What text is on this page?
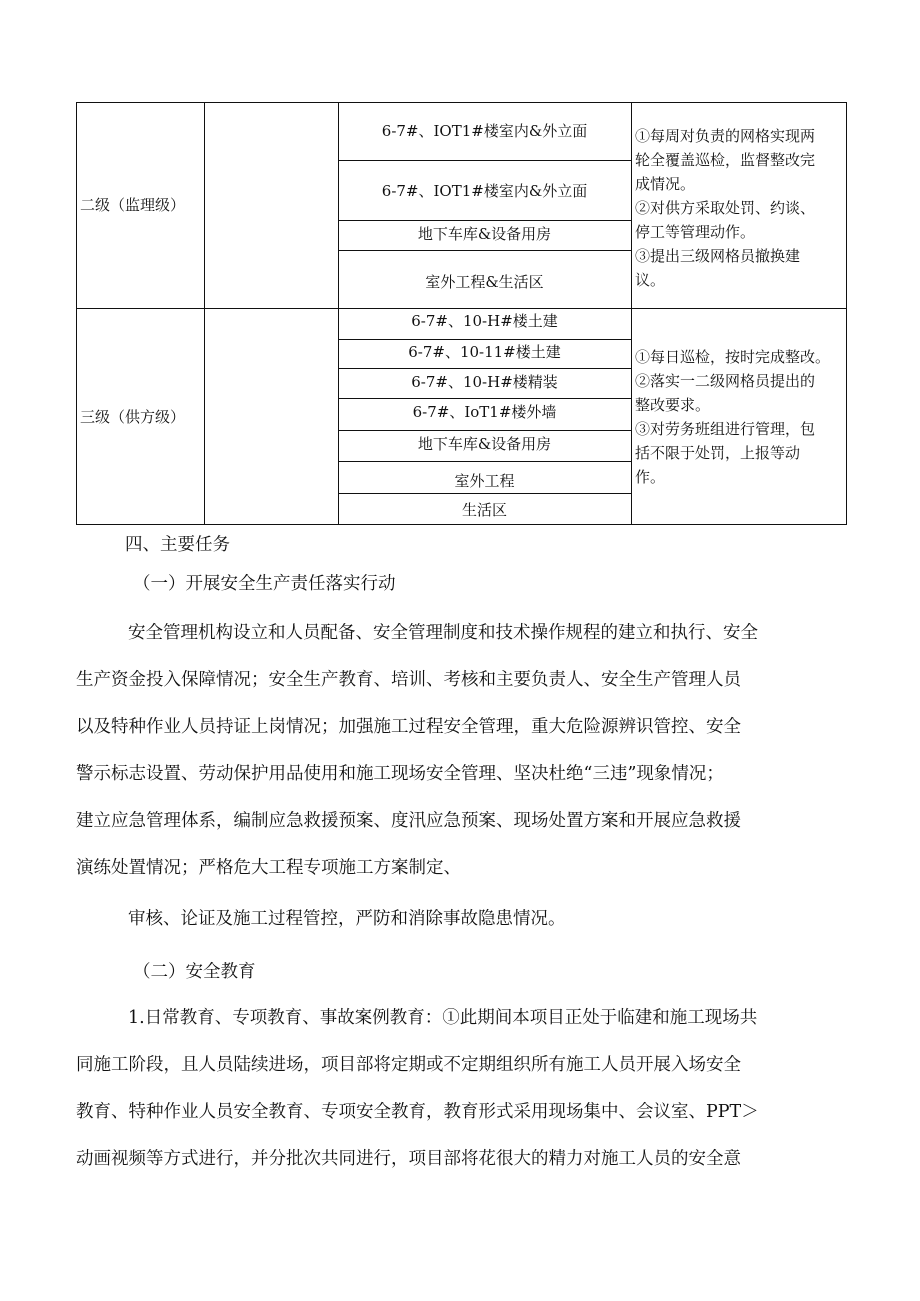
二级（监理级）
6-7#、IOT1#楼室内&外立面
6-7#、IOT1#楼室内&外立面
地下车库&设备用房
室外工程&生活区
①每周对负责的网格实现两
轮全覆盖巡检，监督整改完
成情况。
②对供方采取处罚、约谈、
停工等管理动作。
③提出三级网格员撤换建
议。
三级（供方级）
6-7#、10-H#楼土建
6-7#、10-11#楼土建
6-7#、10-H#楼精装
6-7#、IoT1#楼外墙
地下车库&设备用房
室外工程
生活区
①每日巡检，按时完成整改。
②落实一二级网格员提出的
整改要求。
③对劳务班组进行管理，包
括不限于处罚，上报等动
作。
四、主要任务
（一）开展安全生产责任落实行动
安全管理机构设立和人员配备、安全管理制度和技术操作规程的建立和执行、安全
生产资金投入保障情况；安全生产教育、培训、考核和主要负责人、安全生产管理人员
以及特种作业人员持证上岗情况；加强施工过程安全管理，重大危险源辨识管控、安全
警示标志设置、劳动保护用品使用和施工现场安全管理、坚决杜绝“三违”现象情况；
建立应急管理体系，编制应急救援预案、度汛应急预案、现场处置方案和开展应急救援
演练处置情况；严格危大工程专项施工方案制定、
审核、论证及施工过程管控，严防和消除事故隐患情况。
（二）安全教育
1.日常教育、专项教育、事故案例教育：①此期间本项目正处于临建和施工现场共
同施工阶段，且人员陆续进场，项目部将定期或不定期组织所有施工人员开展入场安全
教育、特种作业人员安全教育、专项安全教育，教育形式采用现场集中、会议室、PPT＞
动画视频等方式进行，并分批次共同进行，项目部将花很大的精力对施工人员的安全意
